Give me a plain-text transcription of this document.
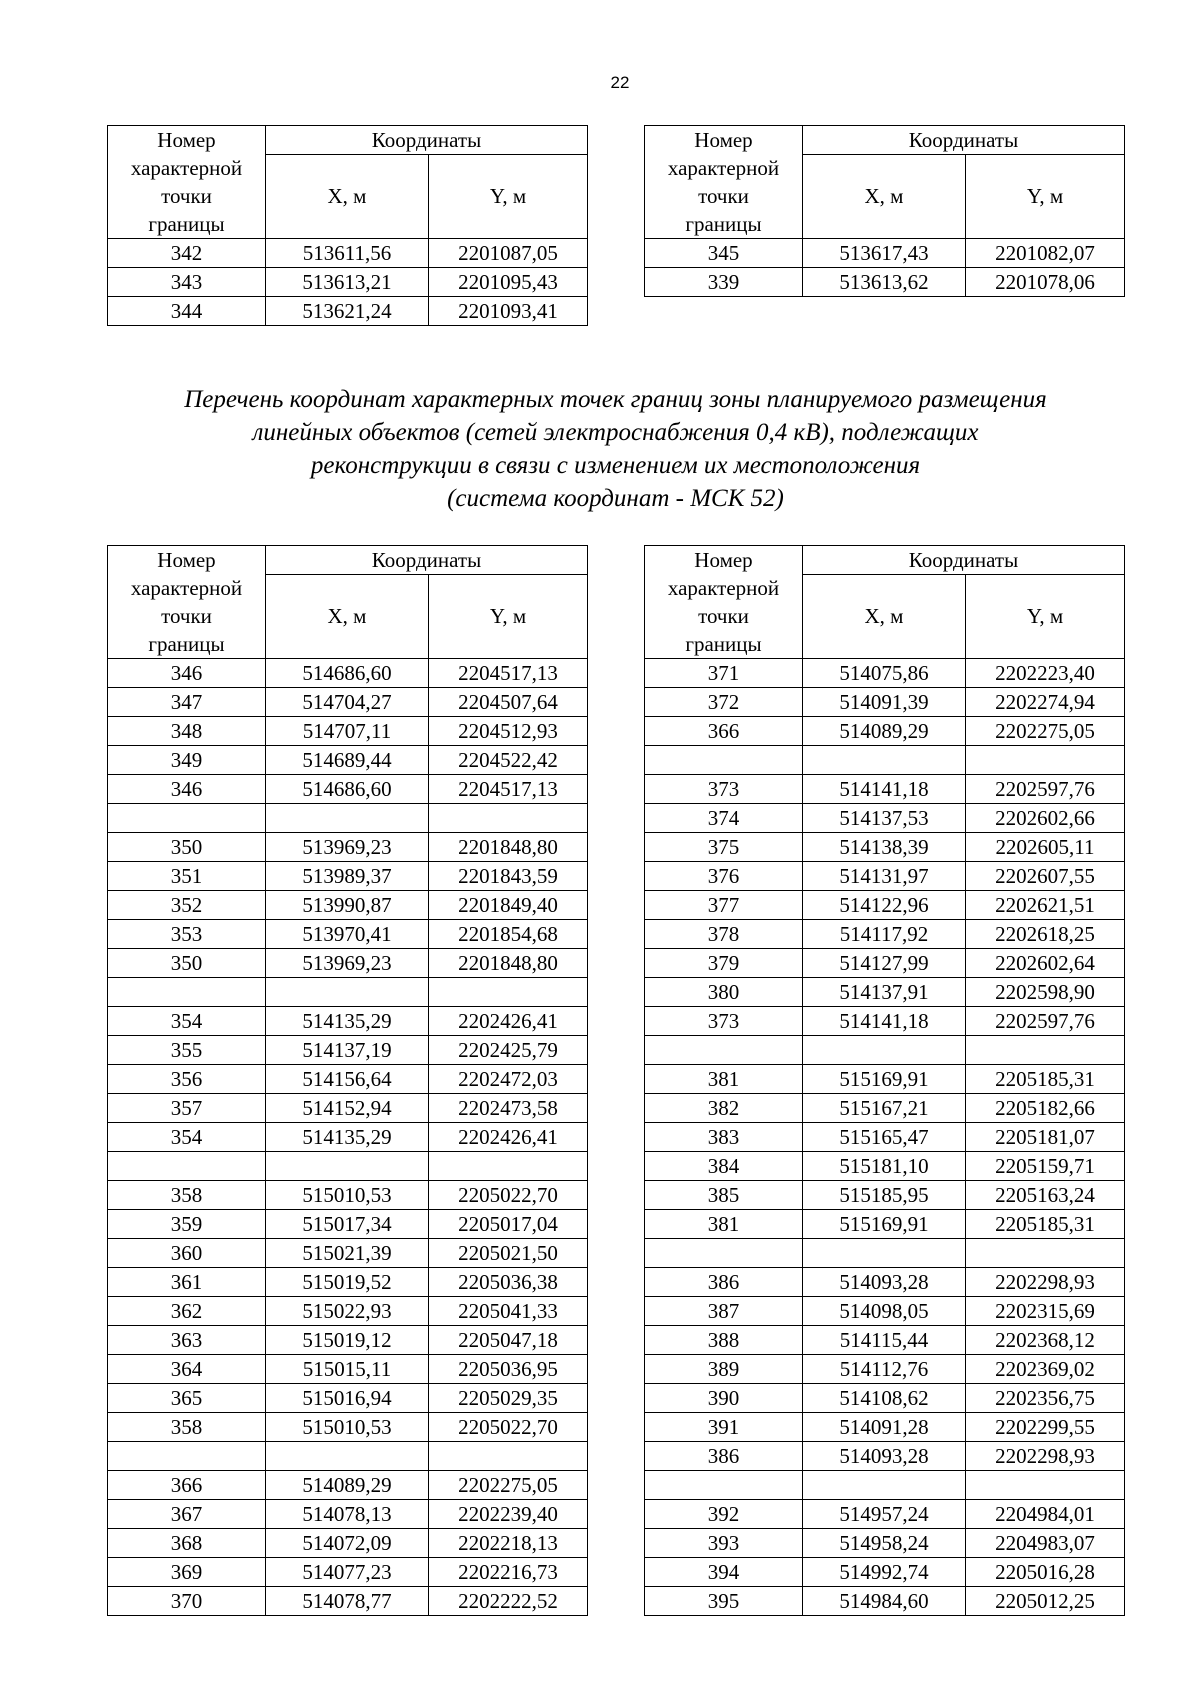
22
Номер
характерной
точки
границы	Координаты	
	X, м	Y, м
342	513611,56	2201087,05
343	513613,21	2201095,43
344	513621,24	2201093,41
Номер
характерной
точки
границы	Координаты	
	X, м	Y, м
345	513617,43	2201082,07
339	513613,62	2201078,06
Перечень координат характерных точек границ зоны планируемого размещения
линейных объектов (сетей электроснабжения 0,4 кВ), подлежащих
реконструкции в связи с изменением их местоположения
(система координат - МСК 52)
Номер
характерной
точки
границы	Координаты	
	X, м	Y, м
346	514686,60	2204517,13
347	514704,27	2204507,64
348	514707,11	2204512,93
349	514689,44	2204522,42
346	514686,60	2204517,13

350	513969,23	2201848,80
351	513989,37	2201843,59
352	513990,87	2201849,40
353	513970,41	2201854,68
350	513969,23	2201848,80

354	514135,29	2202426,41
355	514137,19	2202425,79
356	514156,64	2202472,03
357	514152,94	2202473,58
354	514135,29	2202426,41

358	515010,53	2205022,70
359	515017,34	2205017,04
360	515021,39	2205021,50
361	515019,52	2205036,38
362	515022,93	2205041,33
363	515019,12	2205047,18
364	515015,11	2205036,95
365	515016,94	2205029,35
358	515010,53	2205022,70

366	514089,29	2202275,05
367	514078,13	2202239,40
368	514072,09	2202218,13
369	514077,23	2202216,73
370	514078,77	2202222,52
Номер
характерной
точки
границы	Координаты	
	X, м	Y, м
371	514075,86	2202223,40
372	514091,39	2202274,94
366	514089,29	2202275,05

373	514141,18	2202597,76
374	514137,53	2202602,66
375	514138,39	2202605,11
376	514131,97	2202607,55
377	514122,96	2202621,51
378	514117,92	2202618,25
379	514127,99	2202602,64
380	514137,91	2202598,90
373	514141,18	2202597,76

381	515169,91	2205185,31
382	515167,21	2205182,66
383	515165,47	2205181,07
384	515181,10	2205159,71
385	515185,95	2205163,24
381	515169,91	2205185,31

386	514093,28	2202298,93
387	514098,05	2202315,69
388	514115,44	2202368,12
389	514112,76	2202369,02
390	514108,62	2202356,75
391	514091,28	2202299,55
386	514093,28	2202298,93

392	514957,24	2204984,01
393	514958,24	2204983,07
394	514992,74	2205016,28
395	514984,60	2205012,25
